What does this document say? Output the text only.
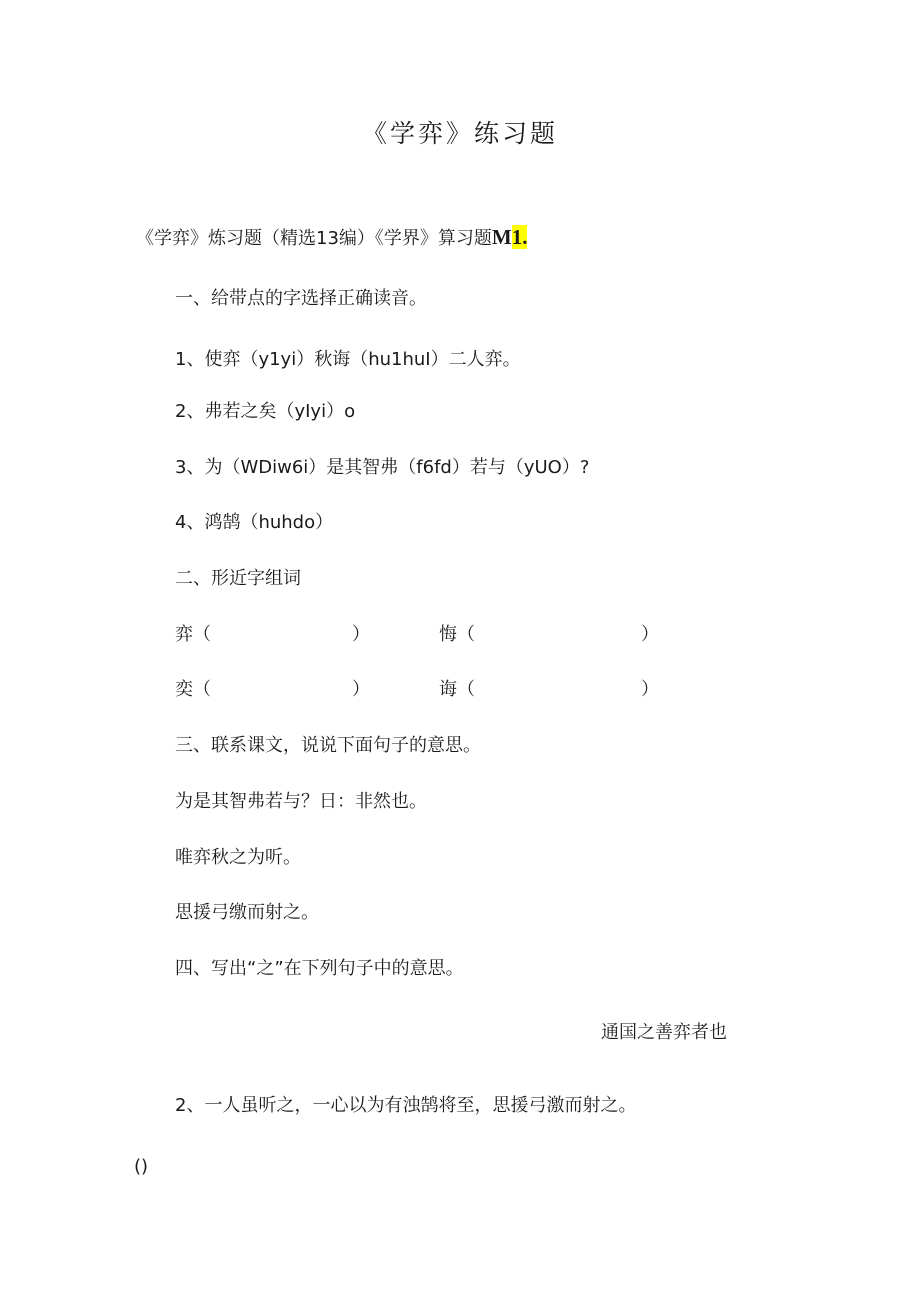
《学弈》练习题
《学弈》炼习题（精选13编）《学界》算习题M1.
一、给带点的字选择正确读音。
1、使弈（y1yi）秋诲（hu1huI）二人弈。
2、弗若之矣（yIyi）o
3、为（WDiw6i）是其智弗（f6fd）若与（yUO）?
4、鸿鹄（huhdo）
二、形近字组词
弈（	）	悔（	）
奕（	）	诲（	）
三、联系课文，说说下面句子的意思。
为是其智弗若与？日：非然也。
唯弈秋之为听。
思援弓缴而射之。
四、写出“之”在下列句子中的意思。
通国之善弈者也
2、一人虽听之，一心以为有浊鹄将至，思援弓激而射之。
()
